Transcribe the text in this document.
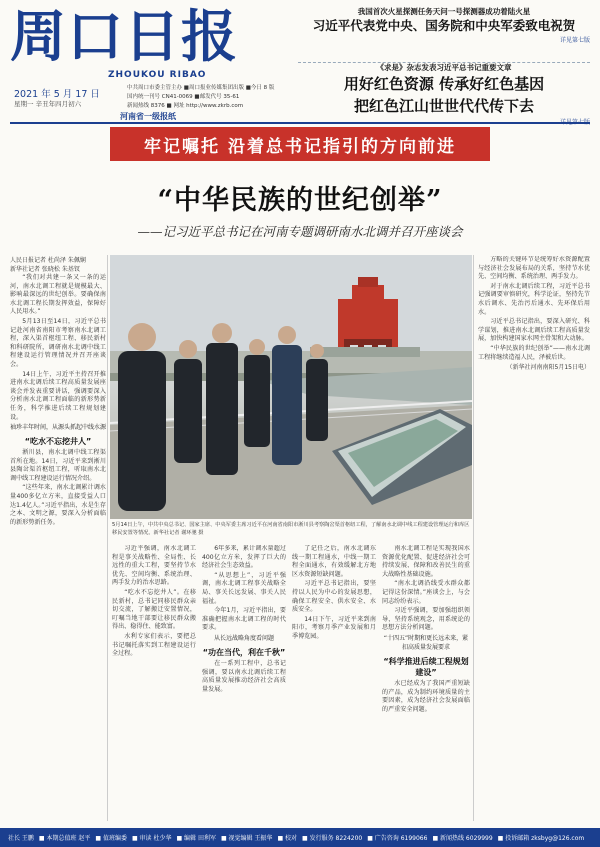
周口日报
ZHOUKOU RIBAO
2021 年 5 月 17 日
星期一 辛丑年四月初六
中共周口市委主管主办 ■周口报业传媒集团出版 ■今日 8 版
国内统一刊号 CN41-0069 ■邮发代号 35-61
新闻热线 8376 ■ 网址 http://www.zkrb.com
河南省一级报纸
我国首次火星探测任务天问一号探测器成功着陆火星
习近平代表党中央、国务院和中央军委致电祝贺
详见第七版
《求是》杂志发表习近平总书记重要文章
用好红色资源 传承好红色基因
把红色江山世世代代传下去
牢记嘱托 沿着总书记指引的方向前进
“中华民族的世纪创举”
——记习近平总书记在河南专题调研南水北调并召开座谈会
人民日报记者 杜尚泽 朱佩娴
新华社记者 张晓松 朱基钗

“我们对共建一条又一条的运河，南水北调工程就是规模最大、影响最深远的世纪创举。要确保南水北调工程长期发挥效益，保障好人民用水。”

5月13日至14日，习近平总书记赴河南省南阳市考察南水北调工程，深入渠首枢纽工程、移民新村和科研院所，调研南水北调中线工程建设运行管理情况并召开座谈会。

14日上午，习近平主持召开推进南水北调后续工程高质量发展座谈会并发表重要讲话，强调要深入分析南水北调工程面临的新形势新任务，科学推进后续工程规划建设。

袖珍丰年时间，从源头抓起中线水源
“吃水不忘挖井人”

淅川县，南水北调中线工程渠首所在地。14日，习近平来到淅川县陶岔渠首枢纽工程，听取南水北调中线工程建设运行情况介绍。

“这些年来，南水北调累计调水量400多亿立方米，直接受益人口达1.4亿人。”习近平指出，水是生存之本、文明之源，要深入分析面临的新形势新任务。	5月14日上午，中共中央总书记、国家主席、中央军委主席习近平在河南省南阳市淅川县考察陶岔渠首枢纽工程，了解南水北调中线工程建设管理运行和库区移民安置等情况。新华社记者 谢环驰 摄

方略的关键环节是统筹好水资源配置与经济社会发展布局的关系，坚持节水优先、空间均衡、系统治理、两手发力。

对于南水北调后续工程，习近平总书记强调要审慎研究，科学论证，坚持先节水后调水、先治污后通水、先环保后用水。

习近平总书记指出，要深入研究、科学谋划，推进南水北调后续工程高质量发展，加快构建国家水网主骨架和大动脉。

“中华民族的世纪创举”——南水北调工程将继续造福人民，泽被后世。

（新华社河南南阳5月15日电）

习近平强调，南水北调工程是事关战略性、全局性、长远性的重大工程，要坚持节水优先、空间均衡、系统治理、两手发力的治水思路。

“吃水不忘挖井人”。在移民新村，总书记同移民群众亲切交流，了解搬迁安置情况，叮嘱当地干部要让移民群众搬得出、稳得住、能致富。

水利专家们表示，要把总书记嘱托落实到工程建设运行全过程。

6年多来，累计调水量超过400亿立方米，发挥了巨大的经济社会生态效益。

“从思想上”，习近平强调，南水北调工程事关战略全局、事关长远发展、事关人民福祉。

今年1月，习近平指出，要准确把握南水北调工程的时代要求。

从长远战略角度看问题
“功在当代，利在千秋”

在一系列工程中，总书记强调，要以南水北调后续工程高质量发展推动经济社会高质量发展。

了记任之后，南水北调东线一期工程通水，中线一期工程全面通水，有效缓解北方地区水资源短缺问题。

习近平总书记指出，要坚持以人民为中心的发展思想，确保工程安全、供水安全、水质安全。

14日下午，习近平来到南阳市，考察月季产业发展和月季博览园。

南水北调工程是实现我国水资源优化配置、促进经济社会可持续发展、保障和改善民生的重大战略性基础设施。

“南水北调沿线受水群众都记得这份深情。”座谈会上，与会同志纷纷表示。

习近平强调，要加强组织领导，坚持系统观念，用系统论的思想方法分析问题。

“十四五”时期和更长远未来，紧扣高质量发展要求
“科学推进后续工程规划建设”

水已经成为了我国严重短缺的产品，成为制约环境质量的主要因素，成为经济社会发展面临的严重安全问题。

社长 王鹏 ■ 本期总值班 赵平 ■ 值班编委 ■ 审读 杜少华 ■ 编辑 田利军 ■ 视觉编辑 王振华 ■ 校对 ■ 发行服务 8224200 ■ 广告咨询 6199066 ■ 新闻热线 6029999 ■ 投诉邮箱 zksbyg@126.com
